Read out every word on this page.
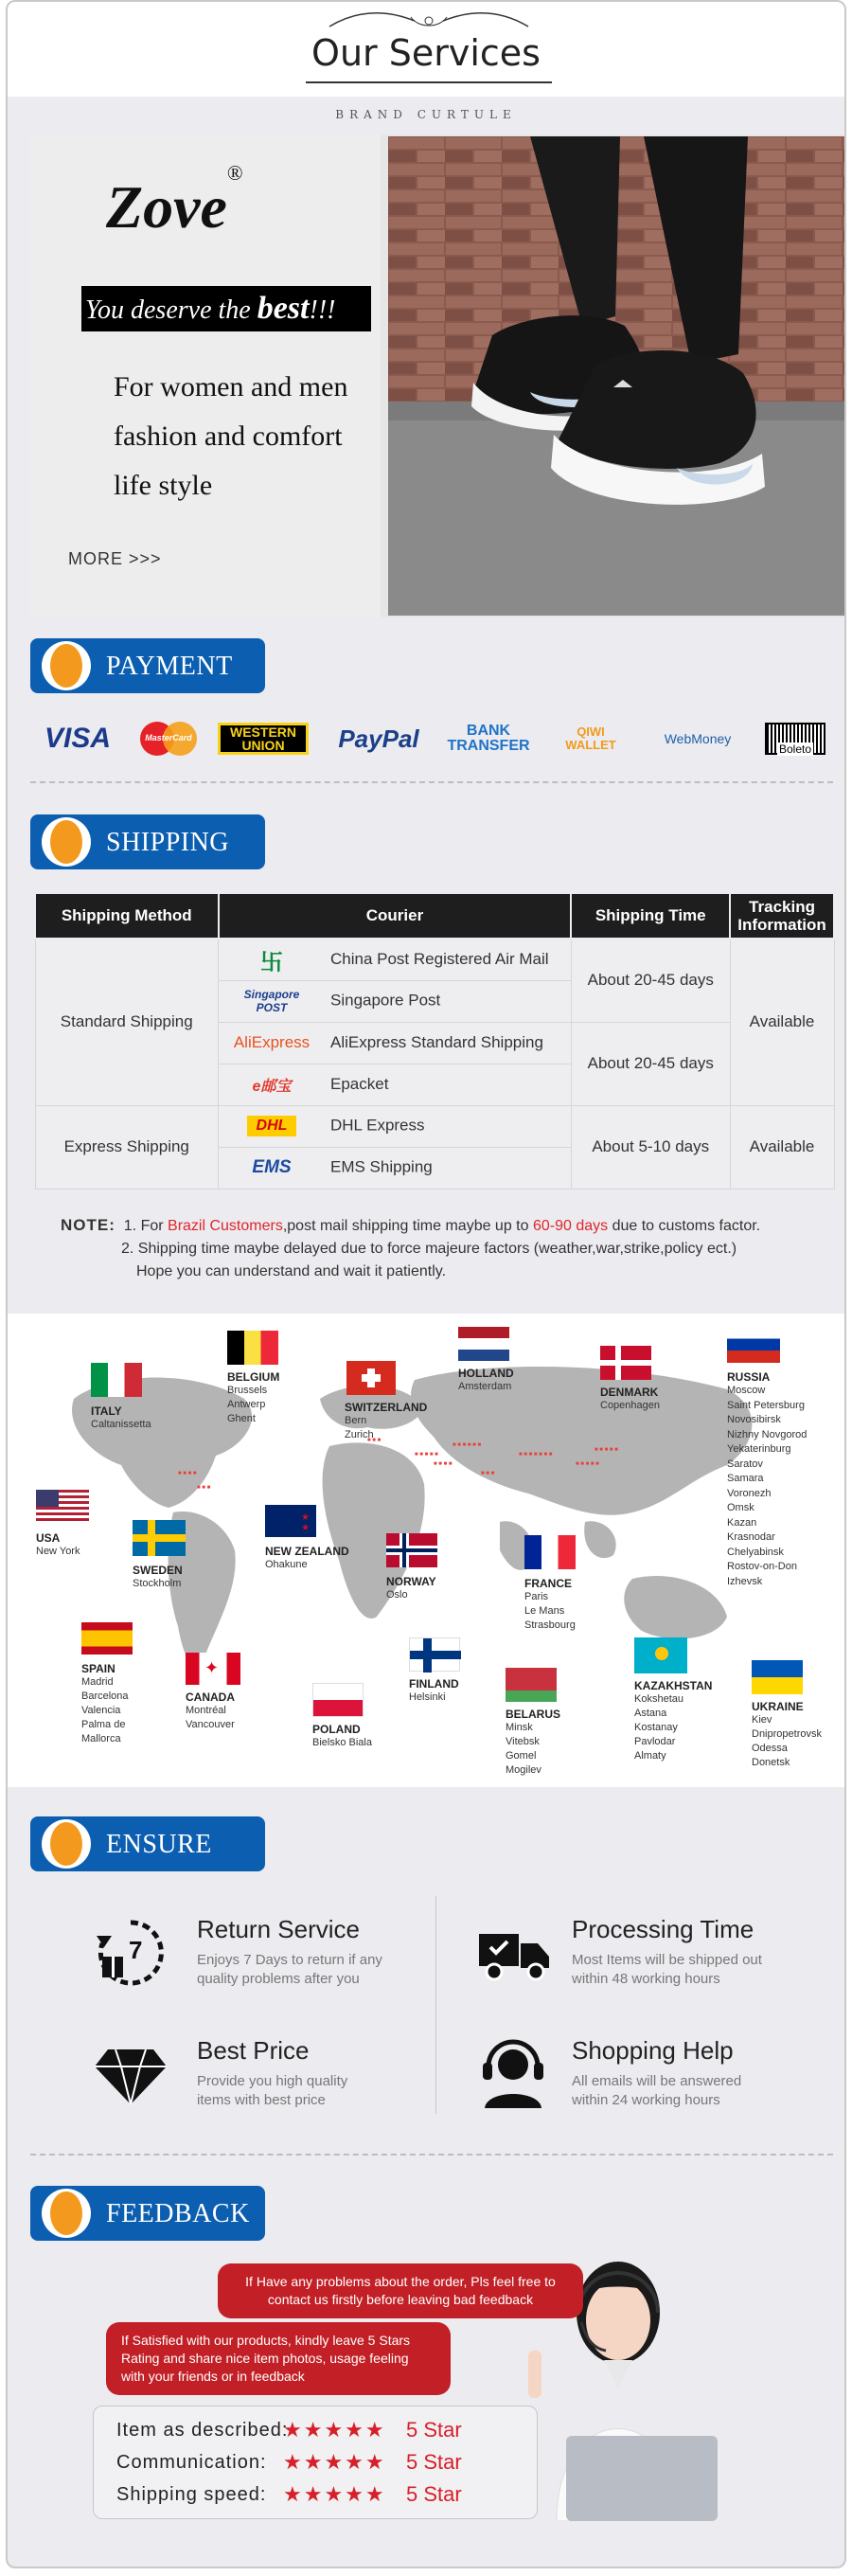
Our Services
BRAND CURTULE
Zove®
You deserve the best!!!
For women and men
fashion and comfort
life style
MORE >>>
PAYMENT
VISA	MasterCard	WESTERN UNION	PayPal	BANK TRANSFER
QIWI WALLET	WebMoney
Boleto
SHIPPING
Shipping Method	Courier	Shipping Time	Tracking Information
Standard Shipping	卐 China Post Registered Air Mail	About 20-45 days	Available
	Singapore POST Singapore Post		
	AliExpress AliExpress Standard Shipping	About 20-45 days	
	e邮宝 Epacket		
Express Shipping	DHL DHL Express	About 5-10 days	Available
	EMS EMS Shipping		
NOTE: 1. For Brazil Customers,post mail shipping time maybe up to 60-90 days due to customs factor.
2. Shipping time maybe delayed due to force majeure factors (weather,war,strike,policy ect.)
Hope you can understand and wait it patiently.
■ ■ ■ ■ ■
■ ■ ■ ■
■ ■ ■ ■ ■ ■
■ ■ ■
■ ■ ■ ■ ■ ■ ■
■ ■ ■ ■ ■
■ ■ ■ ■ ■
■ ■ ■ ■
■ ■ ■
■ ■ ■
★ ★
✦
ITALY
Caltanissetta
BELGIUM
Brussels
Antwerp
Ghent
SWITZERLAND
Bern
Zurich
HOLLAND
Amsterdam	DENMARK
Copenhagen
RUSSIA
Moscow
Saint Petersburg
Novosibirsk
Nizhny Novgorod
Yekaterinburg
Saratov
Samara
Voronezh
Omsk
Kazan
Krasnodar
Chelyabinsk
Rostov-on-Don
Izhevsk
USA
New York
SWEDEN
Stockholm
NEW ZEALAND
Ohakune
NORWAY
Oslo
FRANCE
Paris
Le Mans
Strasbourg
SPAIN
Madrid
Barcelona
Valencia
Palma de
Mallorca
CANADA
Montréal
Vancouver	POLAND
Bielsko Biala
FINLAND
Helsinki
BELARUS
Minsk
Vitebsk
Gomel
Mogilev
KAZAKHSTAN
Kokshetau
Astana
Kostanay
Pavlodar
Almaty
UKRAINE
Kiev
Dnipropetrovsk
Odessa
Donetsk
ENSURE
7
Return Service
Enjoys 7 Days to return if any
quality problems after you
Processing Time
Most Items will be shipped out
within 48 working hours
Best Price
Provide you high quality
items with best price
Shopping Help
All emails will be answered
within 24 working hours
FEEDBACK
If Have any problems about the order, Pls feel free to
contact us firstly before leaving bad feedback
If Satisfied with our products, kindly leave 5 Stars
Rating and share nice item photos, usage feeling
with your friends or in feedback
Item as described:
★★★★★ 5 Star
Communication: ★★★★★ 5 Star
Shipping speed: ★★★★★ 5 Star
